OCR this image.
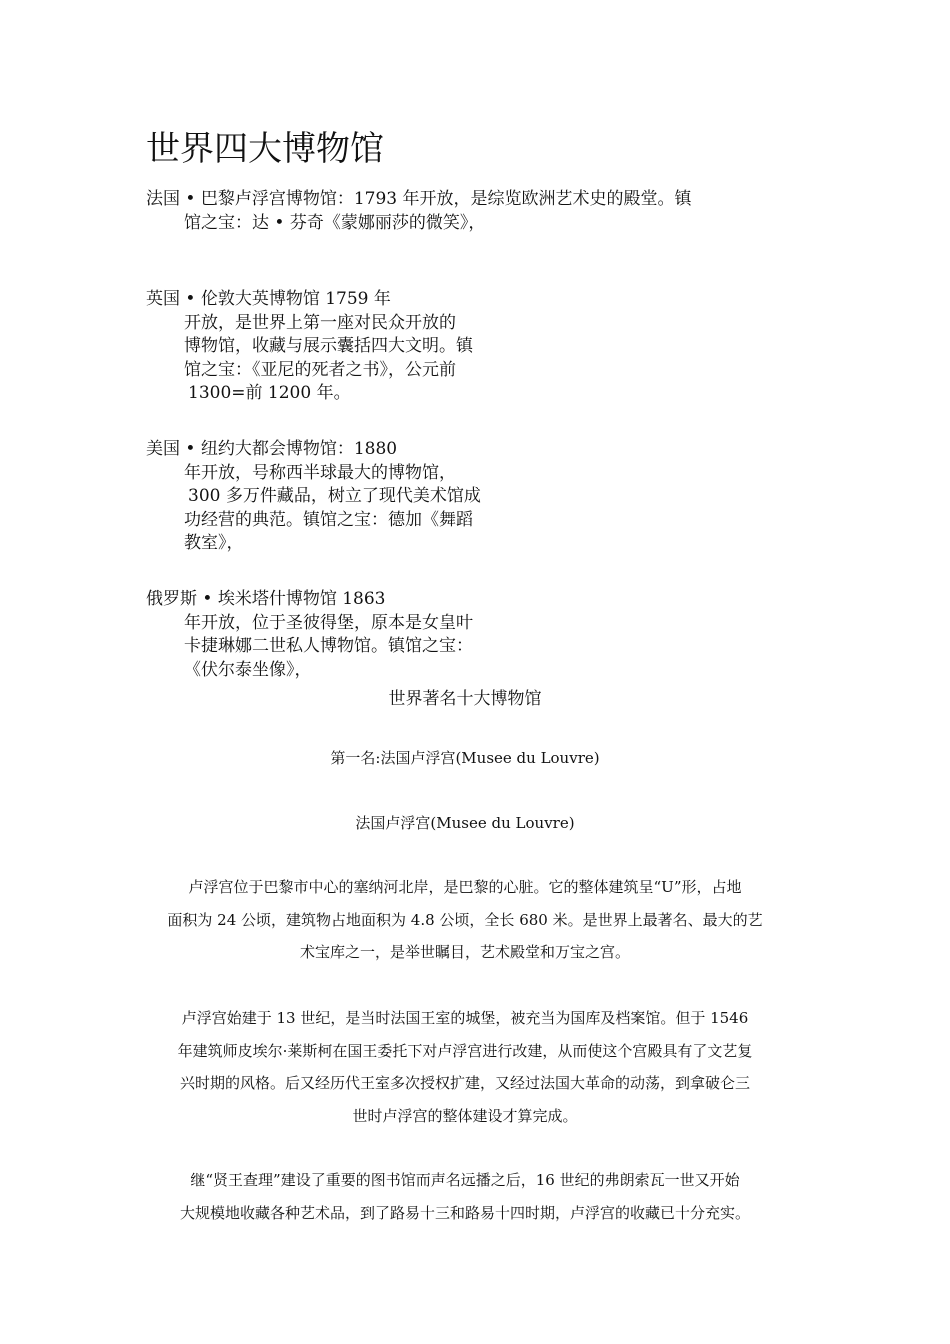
世界四大博物馆
法国 • 巴黎卢浮宫博物馆：1793 年开放，是综览欧洲艺术史的殿堂。镇
馆之宝：达 • 芬奇《蒙娜丽莎的微笑》，
英国 • 伦敦大英博物馆 1759 年
开放，是世界上第一座对民众开放的
博物馆，收藏与展示囊括四大文明。镇
馆之宝：《亚尼的死者之书》，公元前
1300=前 1200 年。
美国 • 纽约大都会博物馆：1880
年开放，号称西半球最大的博物馆，
300 多万件藏品，树立了现代美术馆成
功经营的典范。镇馆之宝：德加《舞蹈
教室》，
俄罗斯 • 埃米塔什博物馆 1863
年开放，位于圣彼得堡，原本是女皇叶
卡捷琳娜二世私人博物馆。镇馆之宝：
《伏尔泰坐像》，
世界著名十大博物馆
第一名:法国卢浮宫(Musee du Louvre)
法国卢浮宫(Musee du Louvre)
卢浮宫位于巴黎市中心的塞纳河北岸，是巴黎的心脏。它的整体建筑呈“U”形，占地
面积为 24 公顷，建筑物占地面积为 4.8 公顷，全长 680 米。是世界上最著名、最大的艺
术宝库之一，是举世瞩目，艺术殿堂和万宝之宫。
卢浮宫始建于 13 世纪，是当时法国王室的城堡，被充当为国库及档案馆。但于 1546
年建筑师皮埃尔·莱斯柯在国王委托下对卢浮宫进行改建，从而使这个宫殿具有了文艺复
兴时期的风格。后又经历代王室多次授权扩建，又经过法国大革命的动荡，到拿破仑三
世时卢浮宫的整体建设才算完成。
继“贤王查理”建设了重要的图书馆而声名远播之后，16 世纪的弗朗索瓦一世又开始
大规模地收藏各种艺术品，到了路易十三和路易十四时期，卢浮宫的收藏已十分充实。
